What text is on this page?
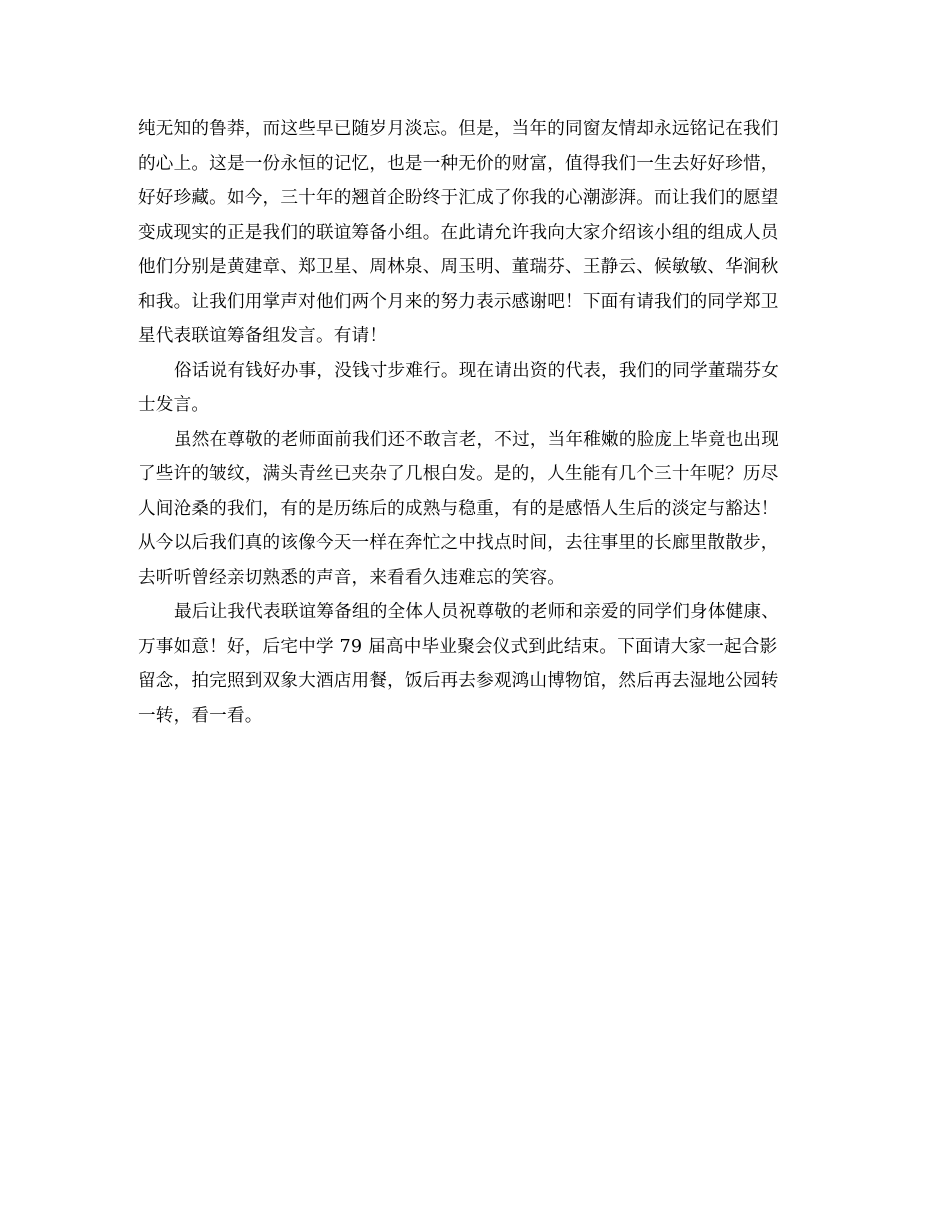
纯无知的鲁莽，而这些早已随岁月淡忘。但是，当年的同窗友情却永远铭记在我们
的心上。这是一份永恒的记忆，也是一种无价的财富，值得我们一生去好好珍惜，
好好珍藏。如今，三十年的翘首企盼终于汇成了你我的心潮澎湃。而让我们的愿望
变成现实的正是我们的联谊筹备小组。在此请允许我向大家介绍该小组的组成人员
他们分别是黄建章、郑卫星、周林泉、周玉明、董瑞芬、王静云、候敏敏、华涧秋
和我。让我们用掌声对他们两个月来的努力表示感谢吧！下面有请我们的同学郑卫
星代表联谊筹备组发言。有请！
俗话说有钱好办事，没钱寸步难行。现在请出资的代表，我们的同学董瑞芬女
士发言。
虽然在尊敬的老师面前我们还不敢言老，不过，当年稚嫩的脸庞上毕竟也出现
了些许的皱纹，满头青丝已夹杂了几根白发。是的，人生能有几个三十年呢？历尽
人间沧桑的我们，有的是历练后的成熟与稳重，有的是感悟人生后的淡定与豁达！
从今以后我们真的该像今天一样在奔忙之中找点时间，去往事里的长廊里散散步，
去听听曾经亲切熟悉的声音，来看看久违难忘的笑容。
最后让我代表联谊筹备组的全体人员祝尊敬的老师和亲爱的同学们身体健康、
万事如意！好，后宅中学 79 届高中毕业聚会仪式到此结束。下面请大家一起合影
留念，拍完照到双象大酒店用餐，饭后再去参观鸿山博物馆，然后再去湿地公园转
一转，看一看。
